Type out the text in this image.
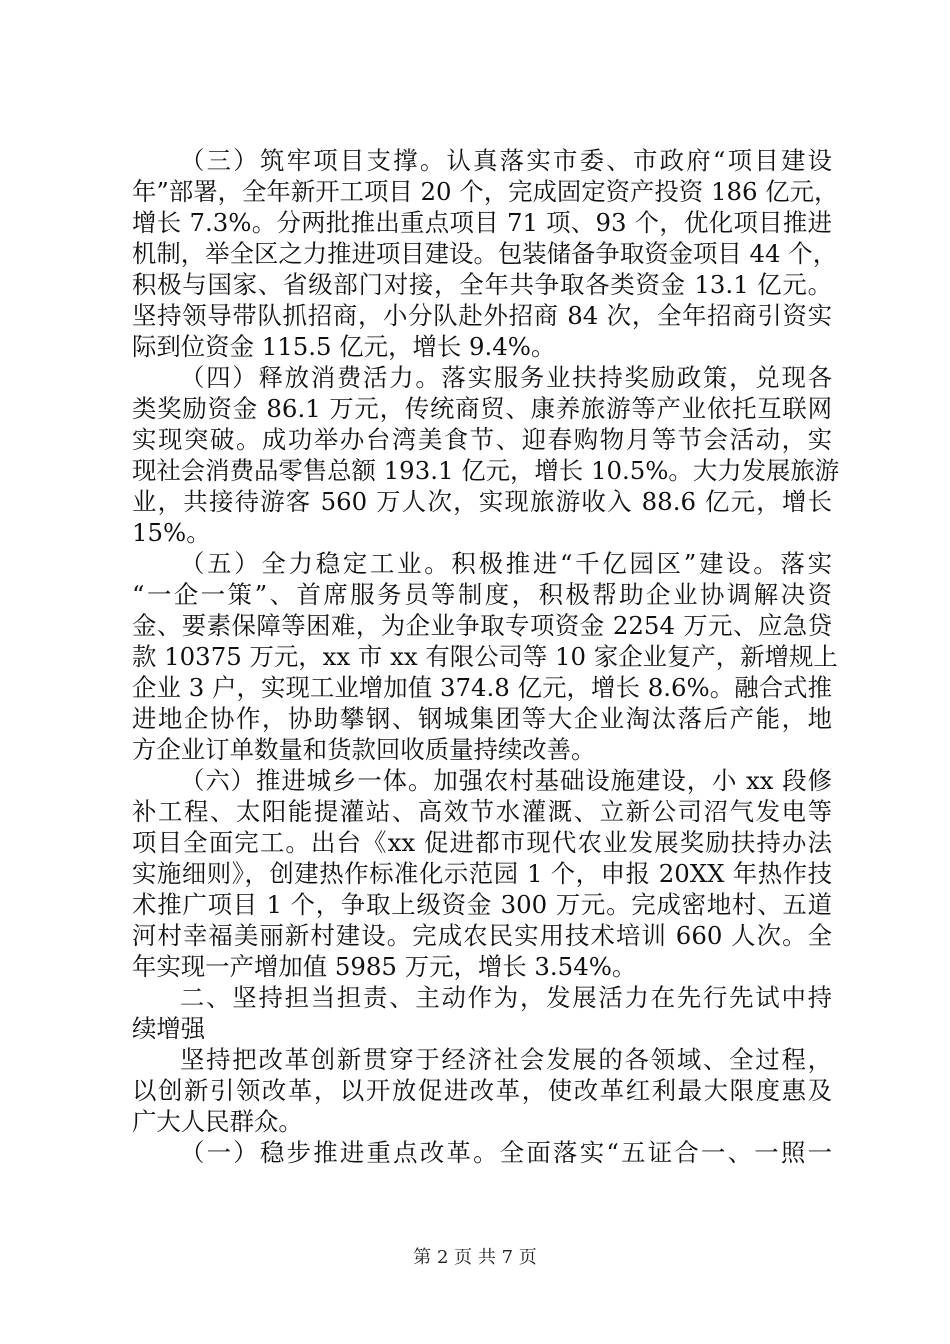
（三）筑牢项目支撑。认真落实市委、市政府“项目建设
年”部署，全年新开工项目 20 个，完成固定资产投资 186 亿元，
增长 7.3%。分两批推出重点项目 71 项、93 个，优化项目推进
机制，举全区之力推进项目建设。包装储备争取资金项目 44 个，
积极与国家、省级部门对接，全年共争取各类资金 13.1 亿元。
坚持领导带队抓招商，小分队赴外招商 84 次，全年招商引资实
际到位资金 115.5 亿元，增长 9.4%。
（四）释放消费活力。落实服务业扶持奖励政策，兑现各
类奖励资金 86.1 万元，传统商贸、康养旅游等产业依托互联网
实现突破。成功举办台湾美食节、迎春购物月等节会活动，实
现社会消费品零售总额 193.1 亿元，增长 10.5%。大力发展旅游
业，共接待游客 560 万人次，实现旅游收入 88.6 亿元，增长
15%。
（五）全力稳定工业。积极推进“千亿园区”建设。落实
“一企一策”、首席服务员等制度，积极帮助企业协调解决资
金、要素保障等困难，为企业争取专项资金 2254 万元、应急贷
款 10375 万元，xx 市 xx 有限公司等 10 家企业复产，新增规上
企业 3 户，实现工业增加值 374.8 亿元，增长 8.6%。融合式推
进地企协作，协助攀钢、钢城集团等大企业淘汰落后产能，地
方企业订单数量和货款回收质量持续改善。
（六）推进城乡一体。加强农村基础设施建设，小 xx 段修
补工程、太阳能提灌站、高效节水灌溉、立新公司沼气发电等
项目全面完工。出台《xx 促进都市现代农业发展奖励扶持办法
实施细则》，创建热作标准化示范园 1 个，申报 20XX 年热作技
术推广项目 1 个，争取上级资金 300 万元。完成密地村、五道
河村幸福美丽新村建设。完成农民实用技术培训 660 人次。全
年实现一产增加值 5985 万元，增长 3.54%。
二、坚持担当担责、主动作为，发展活力在先行先试中持
续增强
坚持把改革创新贯穿于经济社会发展的各领域、全过程，
以创新引领改革，以开放促进改革，使改革红利最大限度惠及
广大人民群众。
（一）稳步推进重点改革。全面落实“五证合一、一照一
第 2 页 共 7 页
